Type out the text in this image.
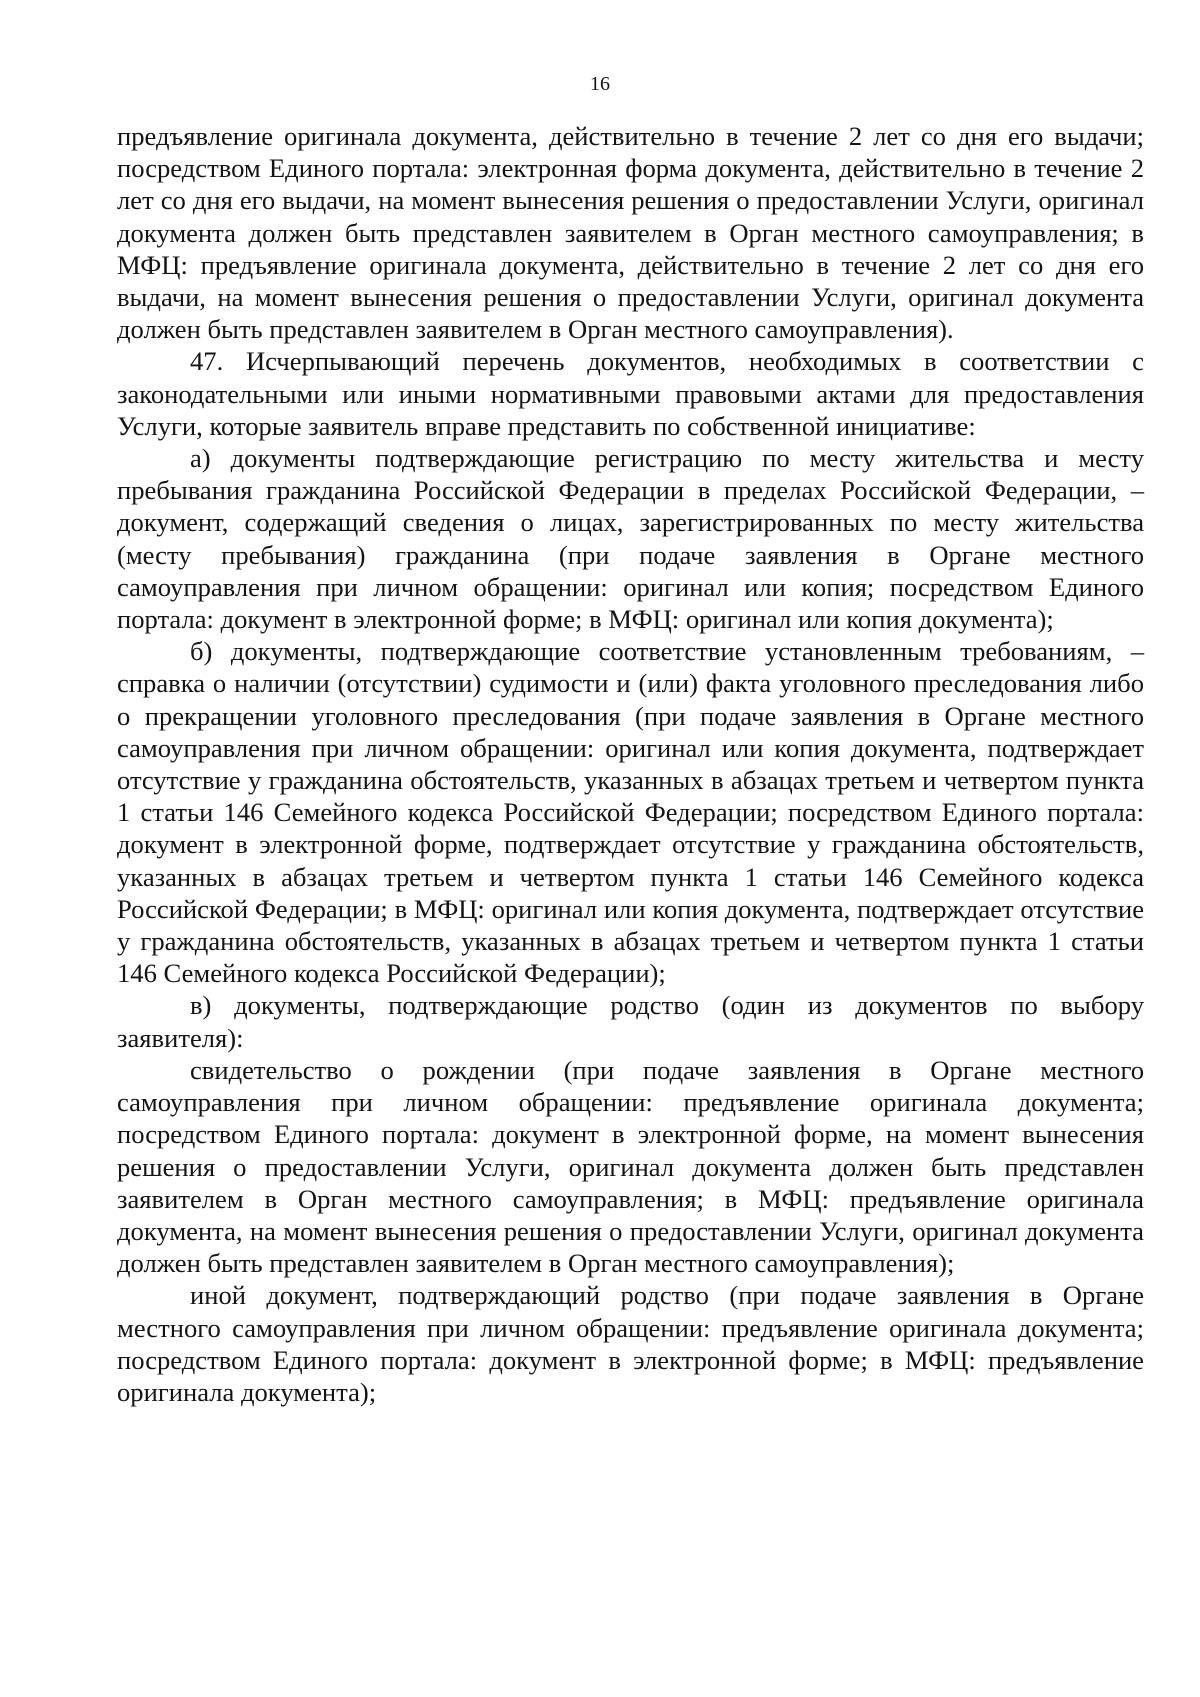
16

предъявление оригинала документа, действительно в течение 2 лет со дня его выдачи; посредством Единого портала: электронная форма документа, действительно в течение 2 лет со дня его выдачи, на момент вынесения решения о предоставлении Услуги, оригинал документа должен быть представлен заявителем в Орган местного самоуправления; в МФЦ: предъявление оригинала документа, действительно в течение 2 лет со дня его выдачи, на момент вынесения решения о предоставлении Услуги, оригинал документа должен быть представлен заявителем в Орган местного самоуправления).

47. Исчерпывающий перечень документов, необходимых в соответствии с законодательными или иными нормативными правовыми актами для предоставления Услуги, которые заявитель вправе представить по собственной инициативе:

а) документы подтверждающие регистрацию по месту жительства и месту пребывания гражданина Российской Федерации в пределах Российской Федерации, – документ, содержащий сведения о лицах, зарегистрированных по месту жительства (месту пребывания) гражданина (при подаче заявления в Органе местного самоуправления при личном обращении: оригинал или копия; посредством Единого портала: документ в электронной форме; в МФЦ: оригинал или копия документа);

б) документы, подтверждающие соответствие установленным требованиям, – справка о наличии (отсутствии) судимости и (или) факта уголовного преследования либо о прекращении уголовного преследования (при подаче заявления в Органе местного самоуправления при личном обращении: оригинал или копия документа, подтверждает отсутствие у гражданина обстоятельств, указанных в абзацах третьем и четвертом пункта 1 статьи 146 Семейного кодекса Российской Федерации; посредством Единого портала: документ в электронной форме, подтверждает отсутствие у гражданина обстоятельств, указанных в абзацах третьем и четвертом пункта 1 статьи 146 Семейного кодекса Российской Федерации; в МФЦ: оригинал или копия документа, подтверждает отсутствие у гражданина обстоятельств, указанных в абзацах третьем и четвертом пункта 1 статьи 146 Семейного кодекса Российской Федерации);

в) документы, подтверждающие родство (один из документов по выбору заявителя):

свидетельство о рождении (при подаче заявления в Органе местного самоуправления при личном обращении: предъявление оригинала документа; посредством Единого портала: документ в электронной форме, на момент вынесения решения о предоставлении Услуги, оригинал документа должен быть представлен заявителем в Орган местного самоуправления; в МФЦ: предъявление оригинала документа, на момент вынесения решения о предоставлении Услуги, оригинал документа должен быть представлен заявителем в Орган местного самоуправления);

иной документ, подтверждающий родство (при подаче заявления в Органе местного самоуправления при личном обращении: предъявление оригинала документа; посредством Единого портала: документ в электронной форме; в МФЦ: предъявление оригинала документа);
